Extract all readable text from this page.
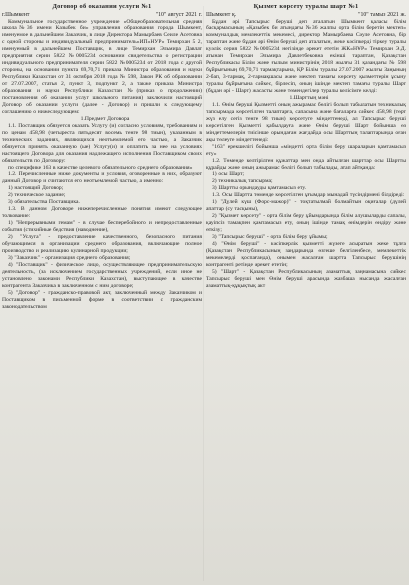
Договор об оказании услуги №1
г.Шымкент	"10" август 2021 г.

Коммунальное государственное учреждение «Общеобразовательная средняя школа№36 имени Казыбек би» управления образования города Шымкент, именуемое в дальнейшем Заказчик, в лице Директора Мамырбаев Сеиле Асетовна с одной стороны и индивидуальный предприниматель«ИП»НУР» Темирхан 5 2, именуемый в дальнейшем Поставщик, в лице Темирхан Эльмира Давлат предприятия серии 5822 №0005234 основании свидетельства о регистрации индивидуального предпринимателя серии 5822 №0005234 от 2018 года с другой стороны, на основании пункта 69,70,71 приказа Министра образования и науки Республики Казахстан от 31 октября 2018 года № 598, Закон РК об образовании от 27.07.2007, статья 2, пункт 3, подпункт 2, а также приказа Министра образования и науки Республики Казахстан №(приказ о продолжении) постановления об оказании услуг школьного питания) заключили настоящий Договор об оказании услуги (далее - Договор) и пришли к следующему соглашению о нижеследующем:

1.Предмет Договора

1.1. Поставщик обязуется оказать Услугу (и) согласно условиям, требованиям и по ценам 458,98 (четыреста пятьдесят восемь тенге 98 тиын), указанным в технических заданиях, являющихся неотъемлемой его частью, а Заказчик обязуется принять оказанную (ые) Услугу(и) и оплатить за нее на условиях настоящего Договора для оказания надлежащего исполнения Поставщиком своих обязательств по Договору:

по специфике 163 в качестве целевого обязательного среднего образования»

1.2. Перечисленные ниже документы и условия, оговоренные в них, образуют данный Договор и считаются его неотъемлемой частью, а именно:

1) настоящий Договор;

2) техническое задание;

3) обязательства Поставщика.

1.3. В данном Договоре нижеперечисленные понятия имеют следующее толкование:

1) "Непрерывными гемам" - в случае бесперебойного и непредоставленные события (стихийные бедствия (наводнение),

2) "Услуга" - предоставление качественного, безопасного питания обучающимся в организации среднего образования, включающие полное производство и реализацию кулинарной продукции;

3) "Заказчик" - организация среднего образования;

4) "Поставщик" - физическое лицо, осуществляющее предпринимательскую деятельность, (за исключением государственных учреждений, если иное не установлено законами Республики Казахстан), выступающее в качестве контрагента Заказчика в заключенном с ним договоре;

5) "Договор" - гражданско-правовой акт, заключенный между Заказчиком и Поставщиком в письменной форме в соответствии с гражданским законодательством

Қызмет көрсету туралы шарт №1
Шымкент қ.	"10" тамыз 2021 ж.

Бұдан әрі Тапсырыс беруші деп аталатын Шымкент қаласы білім басқармасының «Қазыбек би атындағы №36 жалпы орта білім беретін мектеп» коммуналдық мемлекеттік мекемесі, директор Мамырбаева Сәуле Асетовна, бір тараптан және бұдан әрі Өнім беруші деп аталатын, жеке кәсіпкерді тіркеу туралы куәлік серия 5822 №0005234 негізінде әрекет ететін ЖК«НҰР» Темирхан Э.Д. атынан Темирхан Эльмира Давлетбековна екінші тараптан, Қазақстан Республикасы Білім және ғылым министрінің 2018 жылғы 31 қазандағы № 598 бұйрығының 69,70,71 тармақтарына, ҚР Білім туралы 27.07.2007 жылғы Заңының 2-бап, 3-тармақ, 2-тармақшасы және мектеп тамағы көрсету қызметтерін ұсыну туралы бұйрығына сәйкес, бірлесіп, оның ішінде мектеп тамағы туралы Шарт (бұдан әрі - Шарт) жасасты және төмендегілер туралы келісімге келді:

1.Шарттың мәні

1.1. Өнім беруші Қызметті оның ажырамас бөлігі болып табылатын техникалық тапсырмада көрсетілген талаптарға, сапасына және бағаларға сәйкес 458,98 (төрт жүз елу сегіз тенге 98 тиын) көрсетуге міндеттенеді, ал Тапсырыс беруші көрсетілген Қызметті қабылдауға және Өнім беруші Шарт бойынша өз міндеттемелерін тиісінше орындаған жағдайда осы Шарттың талаптарында оған ақы төлеуге міндеттенеді:

"163" ерекшелігі бойынша «міндетті орта білім беру шараларын қамтамасыз ету»

1.2. Төменде келтірілген құжаттар мен онда айтылған шарттар осы Шартты құрайды және оның ажырамас бөлігі болып табылады, атап айтқанда:

1) осы Шарт;

2) техникалық тапсырма;

3) Шартты орындауды қамтамасыз ету.

1.3. Осы Шартта төменде көрсетілген ұғымдар мынадай түсіндірмені білдіреді:

1) "Дүлей күш (Форс-мажор)" - тоқтатылмай болмайтын оқиғалар (дүлей апаттар (су тасқыны),

2) "Қызмет көрсету" - орта білім беру ұйымдарында білім алушыларды сапалы, қауіпсіз тамақпен қамтамасыз ету, оның ішінде тамақ өнімдерін өндіру және өткізу;

3) "Тапсырыс беруші" - орта білім беру ұйымы;

4) "Өнім беруші" - кәсіпкерлік қызметті жүзеге асыратын жеке тұлға (Қазақстан Республикасының заңдарында өзгеше белгіленбесе, мемлекеттік мекемелерді қоспағанда), онымен жасалған шартта Тапсырыс берушінің контрагенті ретінде әрекет ететін;

5) "Шарт" - Қазақстан Республикасының азаматтық заңнамасына сәйкес Тапсырыс беруші мен Өнім беруші арасында жазбаша нысанда жасалған азаматтық-құқықтық акт
